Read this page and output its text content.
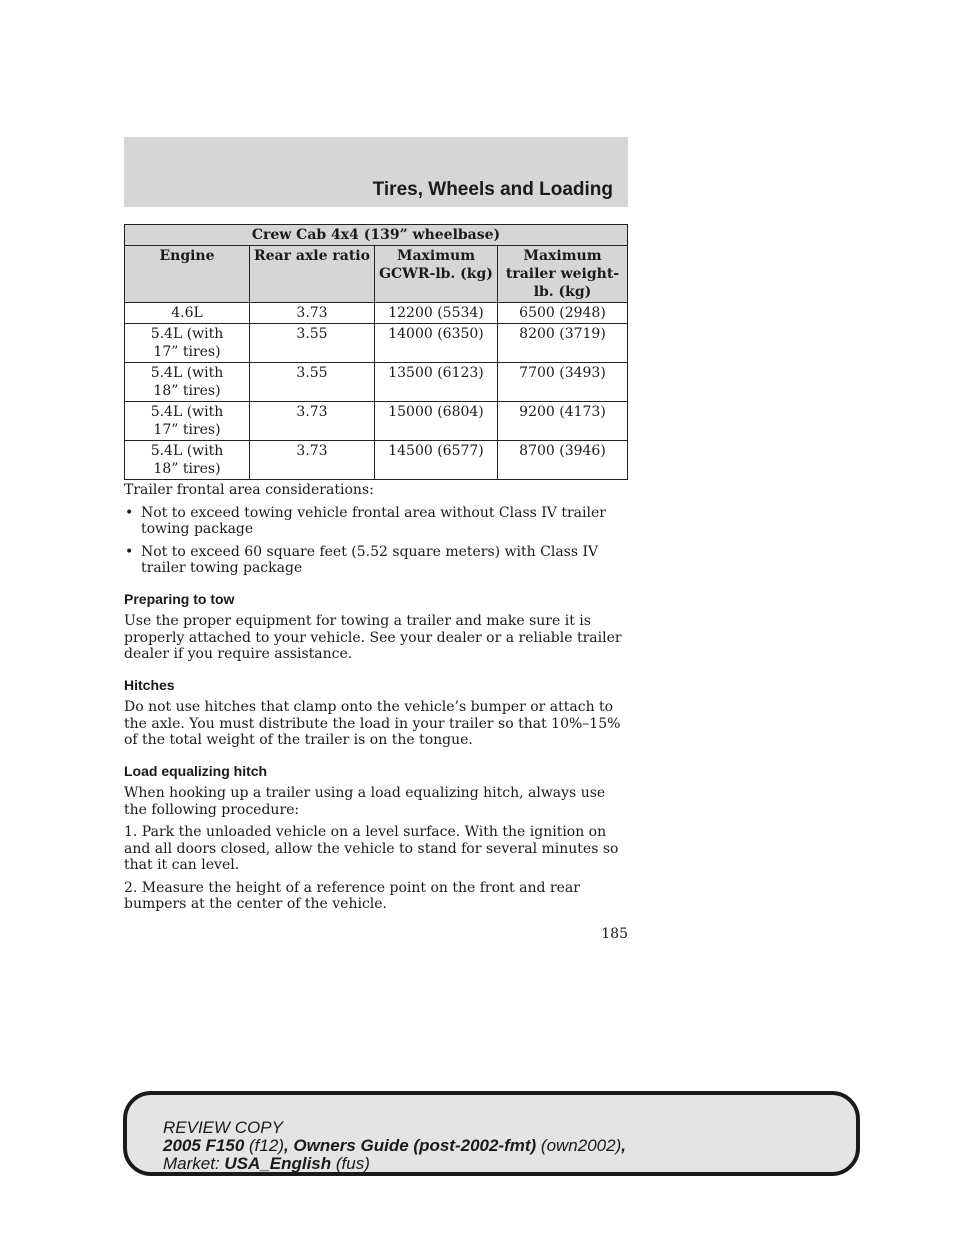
Tires, Wheels and Loading
Crew Cab 4x4 (139” wheelbase)			
Engine	Rear axle ratio	Maximum GCWR-lb. (kg)	Maximum trailer weight-lb. (kg)
4.6L	3.73	12200 (5534)	6500 (2948)
5.4L (with 17” tires)	3.55	14000 (6350)	8200 (3719)
5.4L (with 18” tires)	3.55	13500 (6123)	7700 (3493)
5.4L (with 17” tires)	3.73	15000 (6804)	9200 (4173)
5.4L (with 18” tires)	3.73	14500 (6577)	8700 (3946)

Trailer frontal area considerations:

• Not to exceed towing vehicle frontal area without Class IV trailer towing package
• Not to exceed 60 square feet (5.52 square meters) with Class IV trailer towing package
Preparing to tow

Use the proper equipment for towing a trailer and make sure it is properly attached to your vehicle. See your dealer or a reliable trailer dealer if you require assistance.

Hitches

Do not use hitches that clamp onto the vehicle’s bumper or attach to the axle. You must distribute the load in your trailer so that 10%–15% of the total weight of the trailer is on the tongue.

Load equalizing hitch

When hooking up a trailer using a load equalizing hitch, always use the following procedure:

1. Park the unloaded vehicle on a level surface. With the ignition on and all doors closed, allow the vehicle to stand for several minutes so that it can level.

2. Measure the height of a reference point on the front and rear bumpers at the center of the vehicle.

185
REVIEW COPY
2005 F150 (f12), Owners Guide (post-2002-fmt) (own2002),
Market: USA_English (fus)
